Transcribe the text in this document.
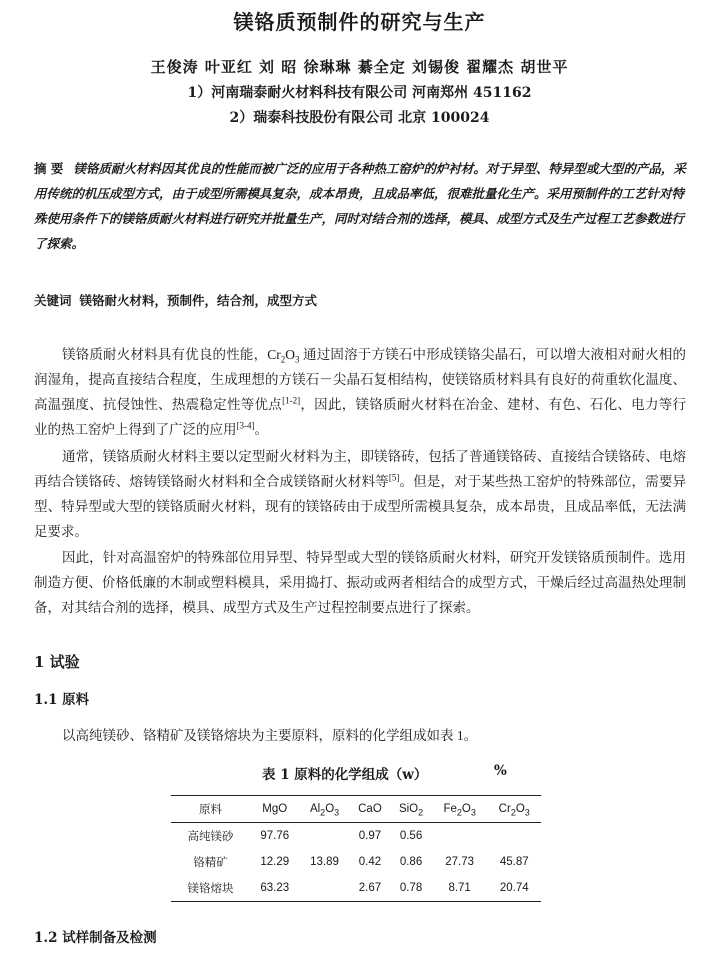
镁铬质预制件的研究与生产
王俊涛 叶亚红 刘 昭 徐琳琳 綦全定 刘锡俊 翟耀杰 胡世平
1）河南瑞泰耐火材料科技有限公司 河南郑州 451162
2）瑞泰科技股份有限公司 北京 100024
摘 要 镁铬质耐火材料因其优良的性能而被广泛的应用于各种热工窑炉的炉衬材。对于异型、特异型或大型的产品，采用传统的机压成型方式，由于成型所需模具复杂，成本昂贵，且成品率低，很难批量化生产。采用预制件的工艺针对特殊使用条件下的镁铬质耐火材料进行研究并批量生产，同时对结合剂的选择，模具、成型方式及生产过程工艺参数进行了探索。
关键词 镁铬耐火材料，预制件，结合剂，成型方式
镁铬质耐火材料具有优良的性能，$Cr_2O_3$ 通过固溶于方镁石中形成镁铬尖晶石，可以增大液相对耐火相的润湿角，提高直接结合程度，生成理想的方镁石－尖晶石复相结构，使镁铬质材料具有良好的荷重软化温度、高温强度、抗侵蚀性、热震稳定性等优点[1-2]，因此，镁铬质耐火材料在冶金、建材、有色、石化、电力等行业的热工窑炉上得到了广泛的应用[3-4]。
通常，镁铬质耐火材料主要以定型耐火材料为主，即镁铬砖，包括了普通镁铬砖、直接结合镁铬砖、电熔再结合镁铬砖、熔铸镁铬耐火材料和全合成镁铬耐火材料等[5]。但是，对于某些热工窑炉的特殊部位，需要异型、特异型或大型的镁铬质耐火材料，现有的镁铬砖由于成型所需模具复杂，成本昂贵，且成品率低，无法满足要求。
因此，针对高温窑炉的特殊部位用异型、特异型或大型的镁铬质耐火材料，研究开发镁铬质预制件。选用制造方便、价格低廉的木制或塑料模具，采用捣打、振动或两者相结合的成型方式，干燥后经过高温热处理制备，对其结合剂的选择，模具、成型方式及生产过程控制要点进行了探索。
1 试验
1.1 原料
以高纯镁砂、铬精矿及镁铬熔块为主要原料，原料的化学组成如表 1。
表 1 原料的化学组成（w）	%
原料	MgO	$Al_2O_3$	CaO	SiO$_2$	$Fe_2O_3$	$Cr_2O_3$
高纯镁砂	97.76		0.97	0.56		
铬精矿	12.29	13.89	0.42	0.86	27.73	45.87
镁铬熔块	63.23		2.67	0.78	8.71	20.74
1.2 试样制备及检测
